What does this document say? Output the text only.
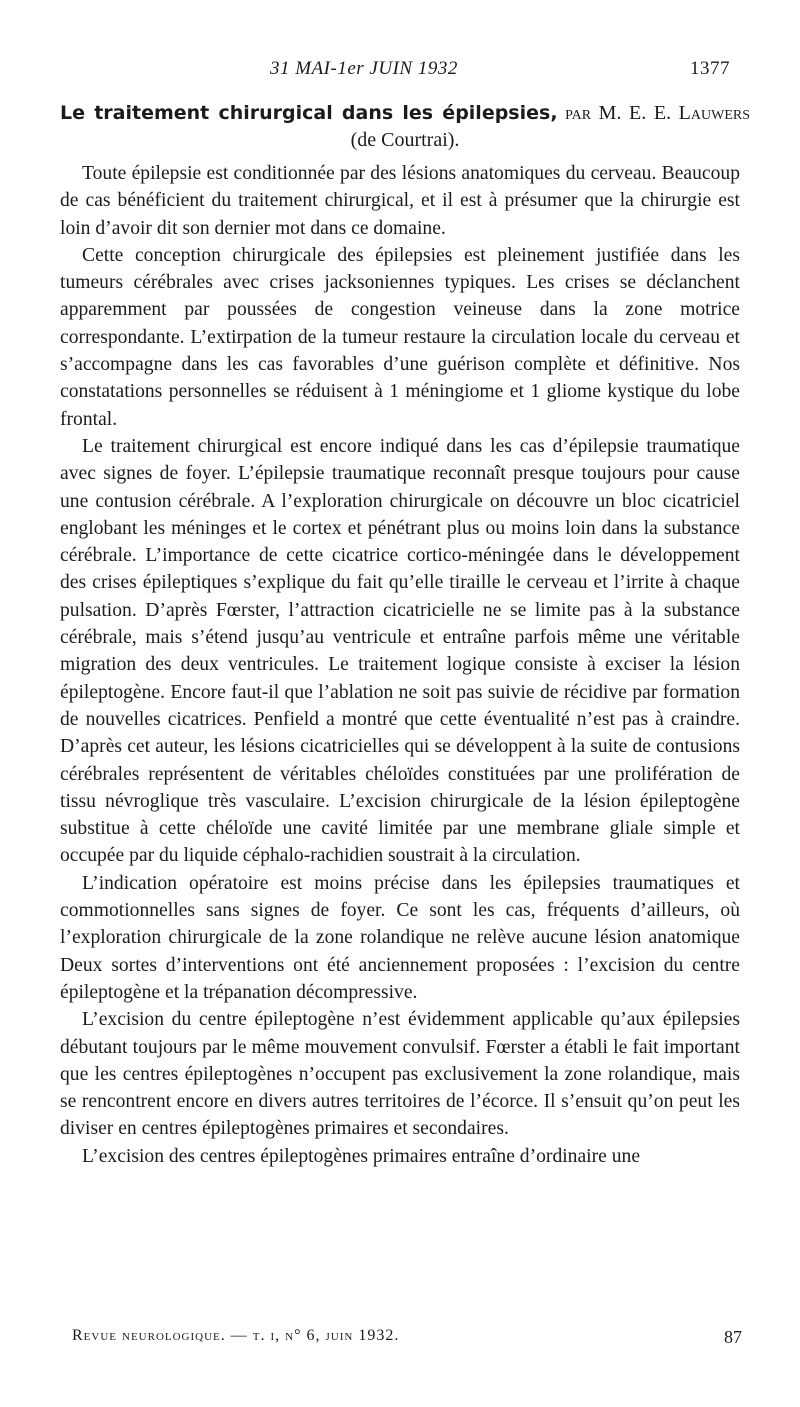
31 MAI-1er JUIN 1932	1377
Le traitement chirurgical dans les épilepsies, par M. E. E. Lauwers
(de Courtrai).

Toute épilepsie est conditionnée par des lésions anatomiques du cerveau. Beaucoup de cas bénéficient du traitement chirurgical, et il est à présumer que la chirurgie est loin d’avoir dit son dernier mot dans ce domaine.

Cette conception chirurgicale des épilepsies est pleinement justifiée dans les tumeurs cérébrales avec crises jacksoniennes typiques. Les crises se déclanchent apparemment par poussées de congestion veineuse dans la zone motrice correspondante. L’extirpation de la tumeur restaure la circulation locale du cerveau et s’accompagne dans les cas favorables d’une guérison complète et définitive. Nos constatations personnelles se réduisent à 1 méningiome et 1 gliome kystique du lobe frontal.

Le traitement chirurgical est encore indiqué dans les cas d’épilepsie traumatique avec signes de foyer. L’épilepsie traumatique reconnaît presque toujours pour cause une contusion cérébrale. A l’exploration chirurgicale on découvre un bloc cicatriciel englobant les méninges et le cortex et pénétrant plus ou moins loin dans la substance cérébrale. L’importance de cette cicatrice cortico-méningée dans le développement des crises épileptiques s’explique du fait qu’elle tiraille le cerveau et l’irrite à chaque pulsation. D’après Fœrster, l’attraction cicatricielle ne se limite pas à la substance cérébrale, mais s’étend jusqu’au ventricule et entraîne parfois même une véritable migration des deux ventricules. Le traitement logique consiste à exciser la lésion épileptogène. Encore faut-il que l’ablation ne soit pas suivie de récidive par formation de nouvelles cicatrices. Penfield a montré que cette éventualité n’est pas à craindre. D’après cet auteur, les lésions cicatricielles qui se développent à la suite de contusions cérébrales représentent de véritables chéloïdes constituées par une prolifération de tissu névroglique très vasculaire. L’excision chirurgicale de la lésion épileptogène substitue à cette chéloïde une cavité limitée par une membrane gliale simple et occupée par du liquide céphalo-rachidien soustrait à la circulation.

L’indication opératoire est moins précise dans les épilepsies traumatiques et commotionnelles sans signes de foyer. Ce sont les cas, fréquents d’ailleurs, où l’exploration chirurgicale de la zone rolandique ne relève aucune lésion anatomique Deux sortes d’interventions ont été anciennement proposées : l’excision du centre épileptogène et la trépanation décompressive.

L’excision du centre épileptogène n’est évidemment applicable qu’aux épilepsies débutant toujours par le même mouvement convulsif. Fœrster a établi le fait important que les centres épileptogènes n’occupent pas exclusivement la zone rolandique, mais se rencontrent encore en divers autres territoires de l’écorce. Il s’ensuit qu’on peut les diviser en centres épileptogènes primaires et secondaires.

L’excision des centres épileptogènes primaires entraîne d’ordinaire une

Revue neurologique. — t. i, n° 6, juin 1932.	87
